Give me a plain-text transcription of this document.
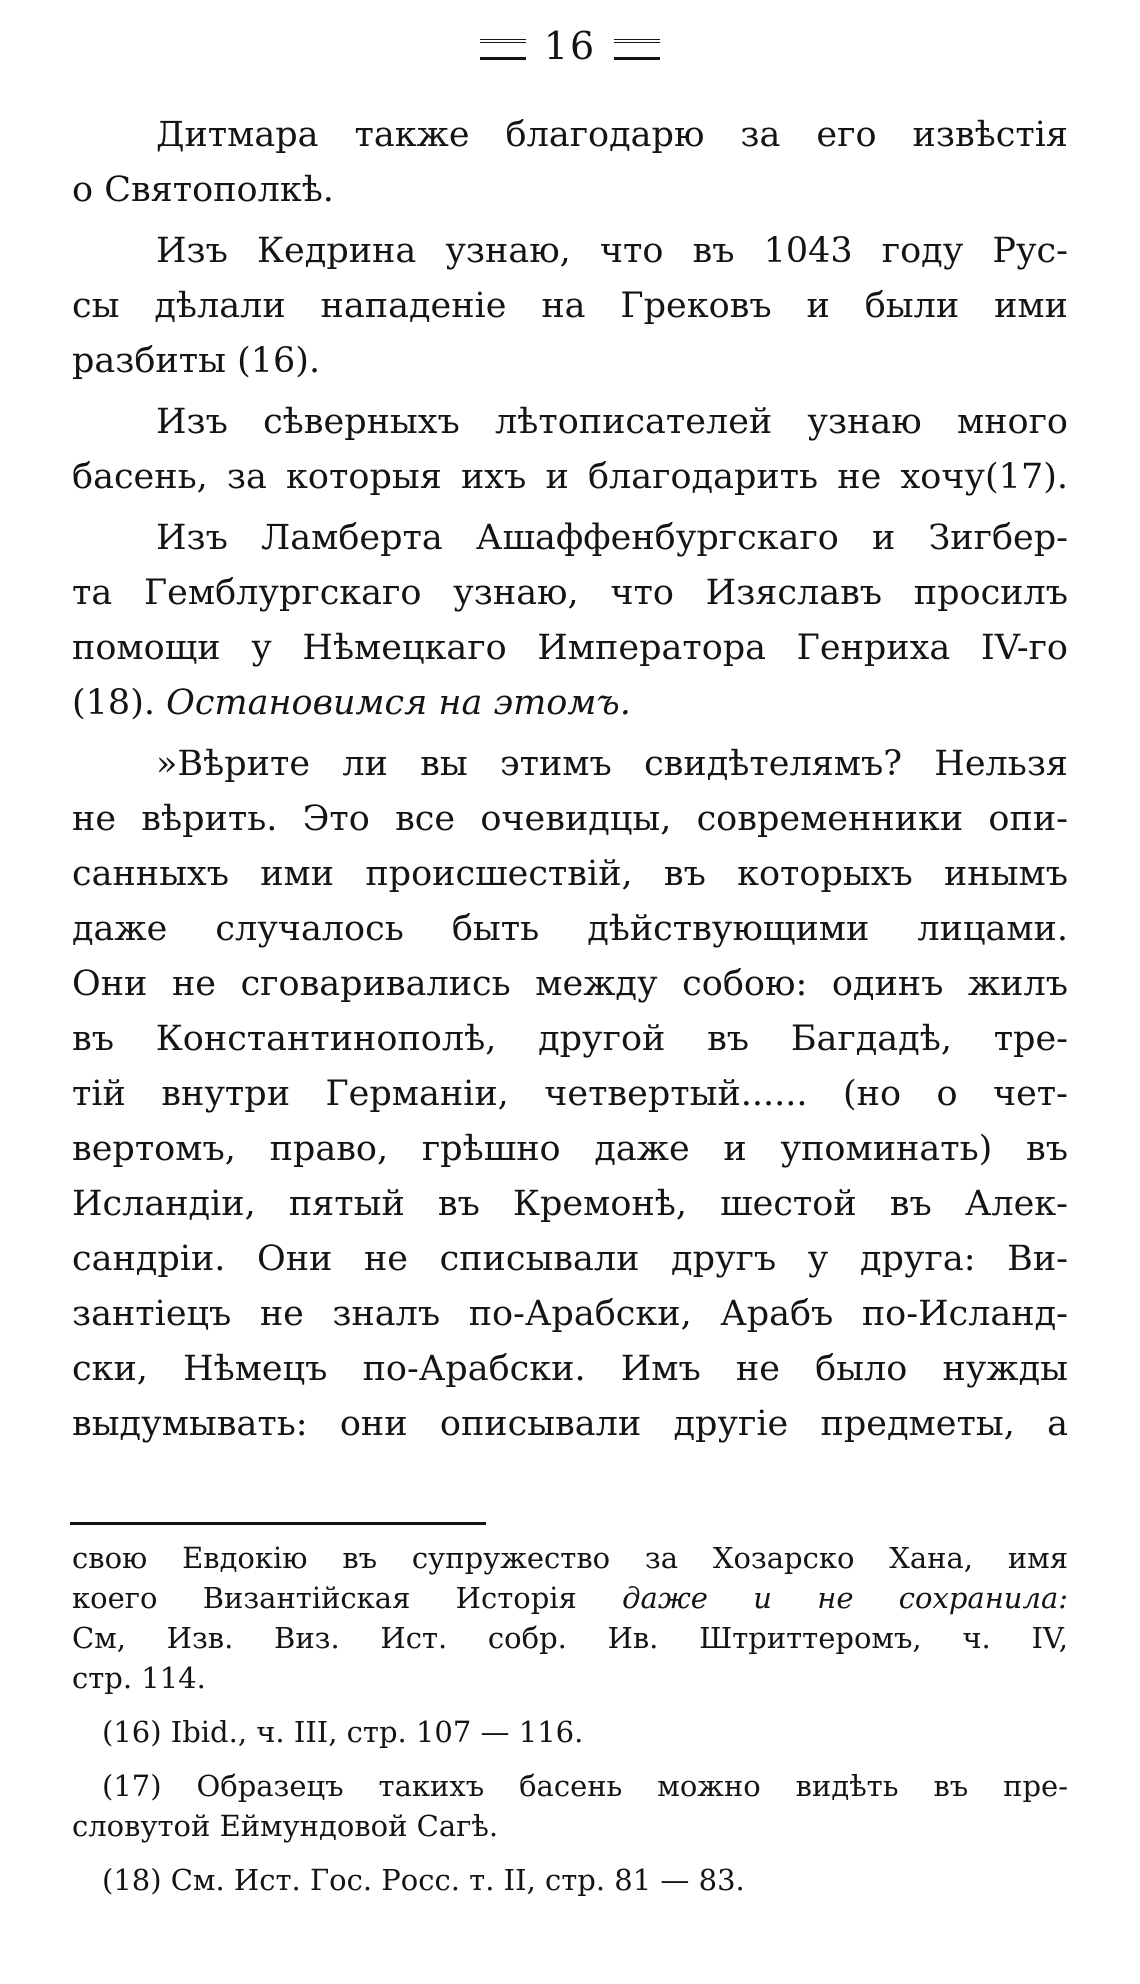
16
Дитмара также благодарю за его извѣстія
о Святополкѣ.
Изъ Кедрина узнаю, что въ 1043 году Рус-
сы дѣлали нападеніе на Грековъ и были ими
разбиты (16).
Изъ сѣверныхъ лѣтописателей узнаю много
басень, за которыя ихъ и благодарить не хочу(17).
Изъ Ламберта Ашаффенбургскаго и Зигбер-
та Гемблургскаго узнаю, что Изяславъ просилъ
помощи у Нѣмецкаго Императора Генриха IV-го
(18). Остановимся на этомъ.
»Вѣрите ли вы этимъ свидѣтелямъ? Нельзя
не вѣрить. Это все очевидцы, современники опи-
санныхъ ими происшествій, въ которыхъ инымъ
даже случалось быть дѣйствующими лицами.
Они не сговаривались между собою: одинъ жилъ
въ Константинополѣ, другой въ Багдадѣ, тре-
тій внутри Германіи, четвертый...... (но о чет-
вертомъ, право, грѣшно даже и упоминать) въ
Исландіи, пятый въ Кремонѣ, шестой въ Алек-
сандріи. Они не списывали другъ у друга: Ви-
зантіецъ не зналъ по-Арабски, Арабъ по-Исланд-
ски, Нѣмецъ по-Арабски. Имъ не было нужды
выдумывать: они описывали другіе предметы, а
свою Евдокію въ супружество за Хозарско Хана, имя
коего Византійская Исторія даже и не сохранила:
См, Изв. Виз. Ист. собр. Ив. Штриттеромъ, ч. IV,
стр. 114.
(16) Ibid., ч. III, стр. 107 — 116.
(17) Образецъ такихъ басень можно видѣть въ пре-
словутой Еймундовой Сагѣ.
(18) См. Ист. Гос. Росс. т. II, стр. 81 — 83.
